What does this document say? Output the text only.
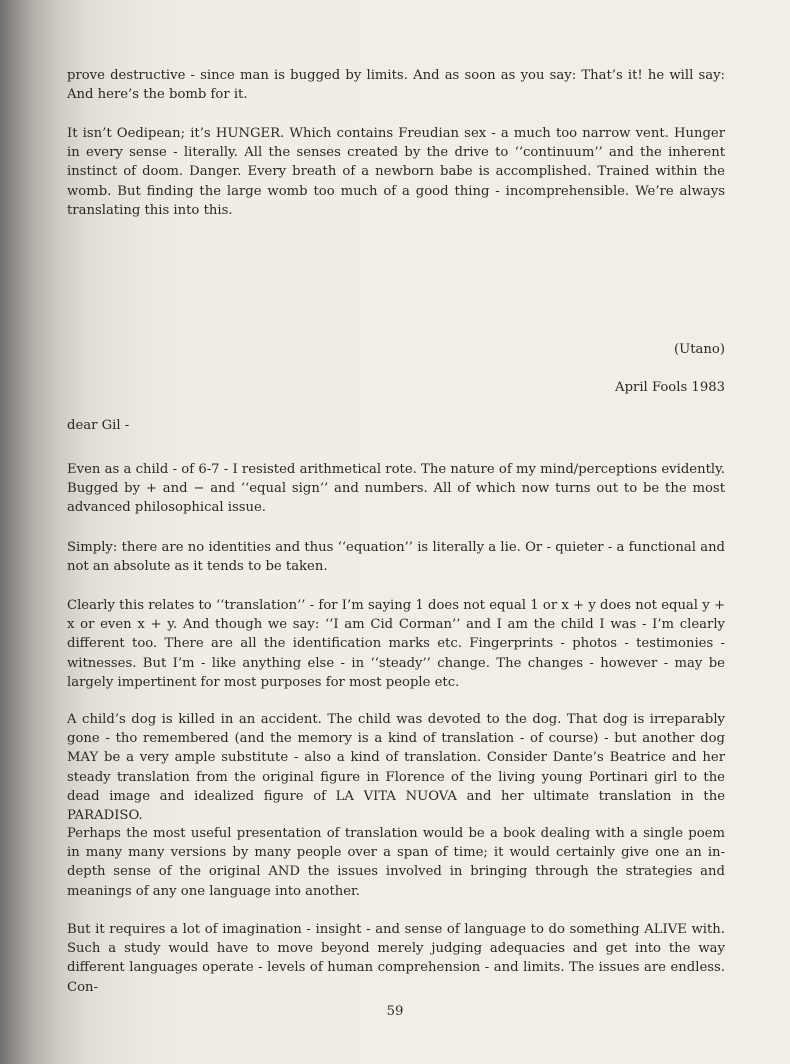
prove destructive - since man is bugged by limits. And as soon as you say: That’s it! he will say: And here’s the bomb for it.

It isn’t Oedipean; it’s HUNGER. Which contains Freudian sex - a much too narrow vent. Hunger in every sense - literally. All the senses created by the drive to ‘‘continuum’’ and the inherent instinct of doom. Danger. Every breath of a newborn babe is accomplished. Trained within the womb. But finding the large womb too much of a good thing - incomprehensible. We’re always translating this into this.

(Utano)

April Fools 1983

dear Gil -

Even as a child - of 6-7 - I resisted arithmetical rote. The nature of my mind/perceptions evidently. Bugged by + and − and ‘‘equal sign’’ and numbers. All of which now turns out to be the most advanced philosophical issue.

Simply: there are no identities and thus ‘‘equation’’ is literally a lie. Or - quieter - a functional and not an absolute as it tends to be taken.

Clearly this relates to ‘‘translation’’ - for I’m saying 1 does not equal 1 or x + y does not equal y + x or even x + y. And though we say: ‘‘I am Cid Corman’’ and I am the child I was - I’m clearly different too. There are all the identification marks etc. Fingerprints - photos - testimonies - witnesses. But I’m - like anything else - in ‘‘steady’’ change. The changes - however - may be largely impertinent for most purposes for most people etc.

A child’s dog is killed in an accident. The child was devoted to the dog. That dog is irreparably gone - tho remembered (and the memory is a kind of translation - of course) - but another dog MAY be a very ample substitute - also a kind of translation. Consider Dante’s Beatrice and her steady translation from the original figure in Florence of the living young Portinari girl to the dead image and idealized figure of LA VITA NUOVA and her ultimate translation in the PARADISO.

Perhaps the most useful presentation of translation would be a book dealing with a single poem in many many versions by many people over a span of time; it would certainly give one an in-depth sense of the original AND the issues involved in bringing through the strategies and meanings of any one language into another.

But it requires a lot of imagination - insight - and sense of language to do something ALIVE with. Such a study would have to move beyond merely judging adequacies and get into the way different languages operate - levels of human comprehension - and limits. The issues are endless. Con-

59
